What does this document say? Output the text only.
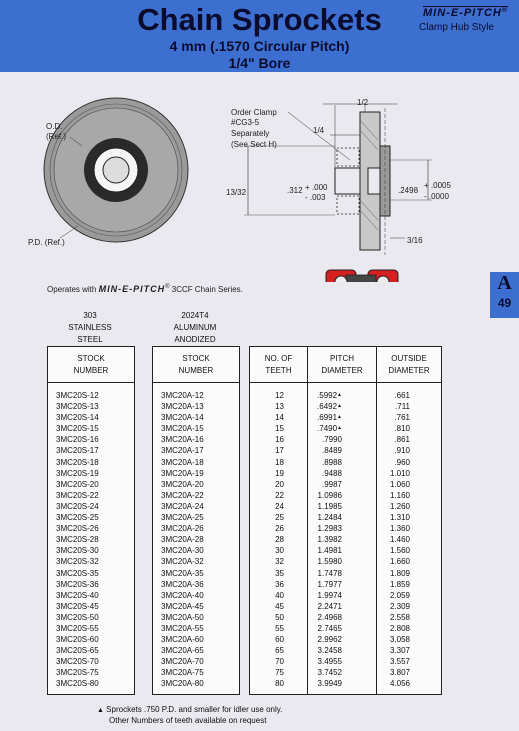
Chain Sprockets
4 mm (.1570 Circular Pitch)
1/4" Bore
MIN-E-PITCH®
Clamp Hub Style
O.D.
(Ref.)
P.D. (Ref.)
Order Clamp
#CG3-5
Separately
(See Sect H)
1/2
1/4
13/32	.312 + .000
- .003
.2498
+ .0005
- .0000
3/16
Operates with MIN-E-PITCH® 3CCF Chain Series.	A
49
303
STAINLESS
STEEL
STOCK
NUMBER
3MC20S-12
3MC20S-13
3MC20S-14
3MC20S-15
3MC20S-16
3MC20S-17
3MC20S-18
3MC20S-19
3MC20S-20
3MC20S-22
3MC20S-24
3MC20S-25
3MC20S-26
3MC20S-28
3MC20S-30
3MC20S-32
3MC20S-35
3MC20S-36
3MC20S-40
3MC20S-45
3MC20S-50
3MC20S-55
3MC20S-60
3MC20S-65
3MC20S-70
3MC20S-75
3MC20S-80
2024T4
ALUMINUM
ANODIZED
STOCK
NUMBER
3MC20A-12
3MC20A-13
3MC20A-14
3MC20A-15
3MC20A-16
3MC20A-17
3MC20A-18
3MC20A-19
3MC20A-20
3MC20A-22
3MC20A-24
3MC20A-25
3MC20A-26
3MC20A-28
3MC20A-30
3MC20A-32
3MC20A-35
3MC20A-36
3MC20A-40
3MC20A-45
3MC20A-50
3MC20A-55
3MC20A-60
3MC20A-65
3MC20A-70
3MC20A-75
3MC20A-80
NO. OF
TEETH
PITCH
DIAMETER
OUTSIDE
DIAMETER
12
13
14
15
16
17
18
19
20
22
24
25
26
28
30
32
35
36
40
45
50
55
60
65
70
75
80
.5992▲
.6492▲
.6991▲
.7490▲
.7990
.8489
.8988
.9488
.9987
1.0986
1.1985
1.2484
1.2983
1.3982
1.4981
1.5980
1.7478
1.7977
1.9974
2.2471
2.4968
2.7465
2.9962
3.2458
3.4955
3.7452
3.9949
.661
.711
.761
.810
.861
.910
.960
1.010
1.060
1.160
1.260
1.310
1.360
1.460
1.560
1.660
1.809
1.859
2.059
2.309
2.558
2.808
3.058
3.307
3.557
3.807
4.056
▲ Sprockets .750 P.D. and smaller for idler use only.
Other Numbers of teeth available on request
